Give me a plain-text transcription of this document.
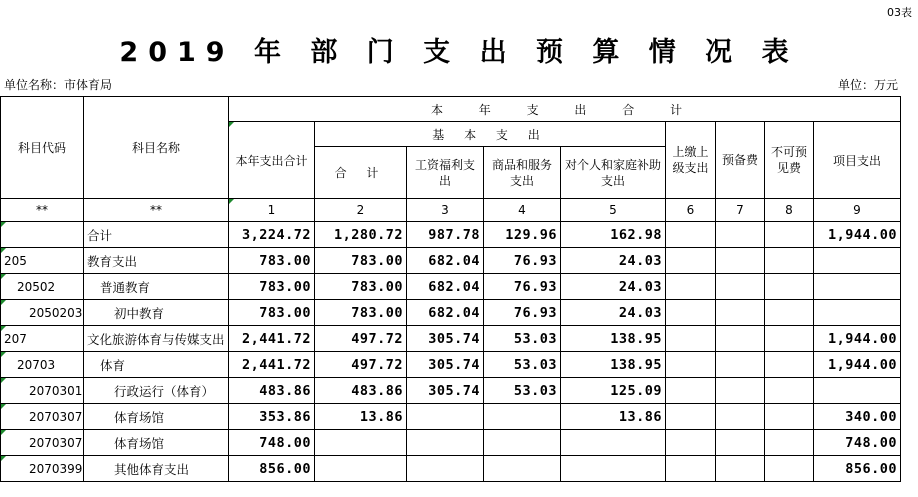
03表
2019 年 部 门 支 出 预 算 情 况 表
单位名称：市体育局	单位：万元
科目代码	科目名称	本 年 支 出 合 计								
		本年支出合计	基 本 支 出				上缴上级支出	预备费	不可预见费	项目支出
			合 计	工资福利支出	商品和服务支出	对个人和家庭补助支出				
**	**	1	2	3	4	5	6	7	8	9
	合计	3,224.72	1,280.72	987.78	129.96	162.98				1,944.00
205	教育支出	783.00	783.00	682.04	76.93	24.03				
20502	普通教育	783.00	783.00	682.04	76.93	24.03				
2050203	初中教育	783.00	783.00	682.04	76.93	24.03				
207	文化旅游体育与传媒支出	2,441.72	497.72	305.74	53.03	138.95				1,944.00
20703	体育	2,441.72	497.72	305.74	53.03	138.95				1,944.00
2070301	行政运行（体育）	483.86	483.86	305.74	53.03	125.09				
2070307	体育场馆	353.86	13.86			13.86				340.00
2070307	体育场馆	748.00								748.00
2070399	其他体育支出	856.00								856.00
